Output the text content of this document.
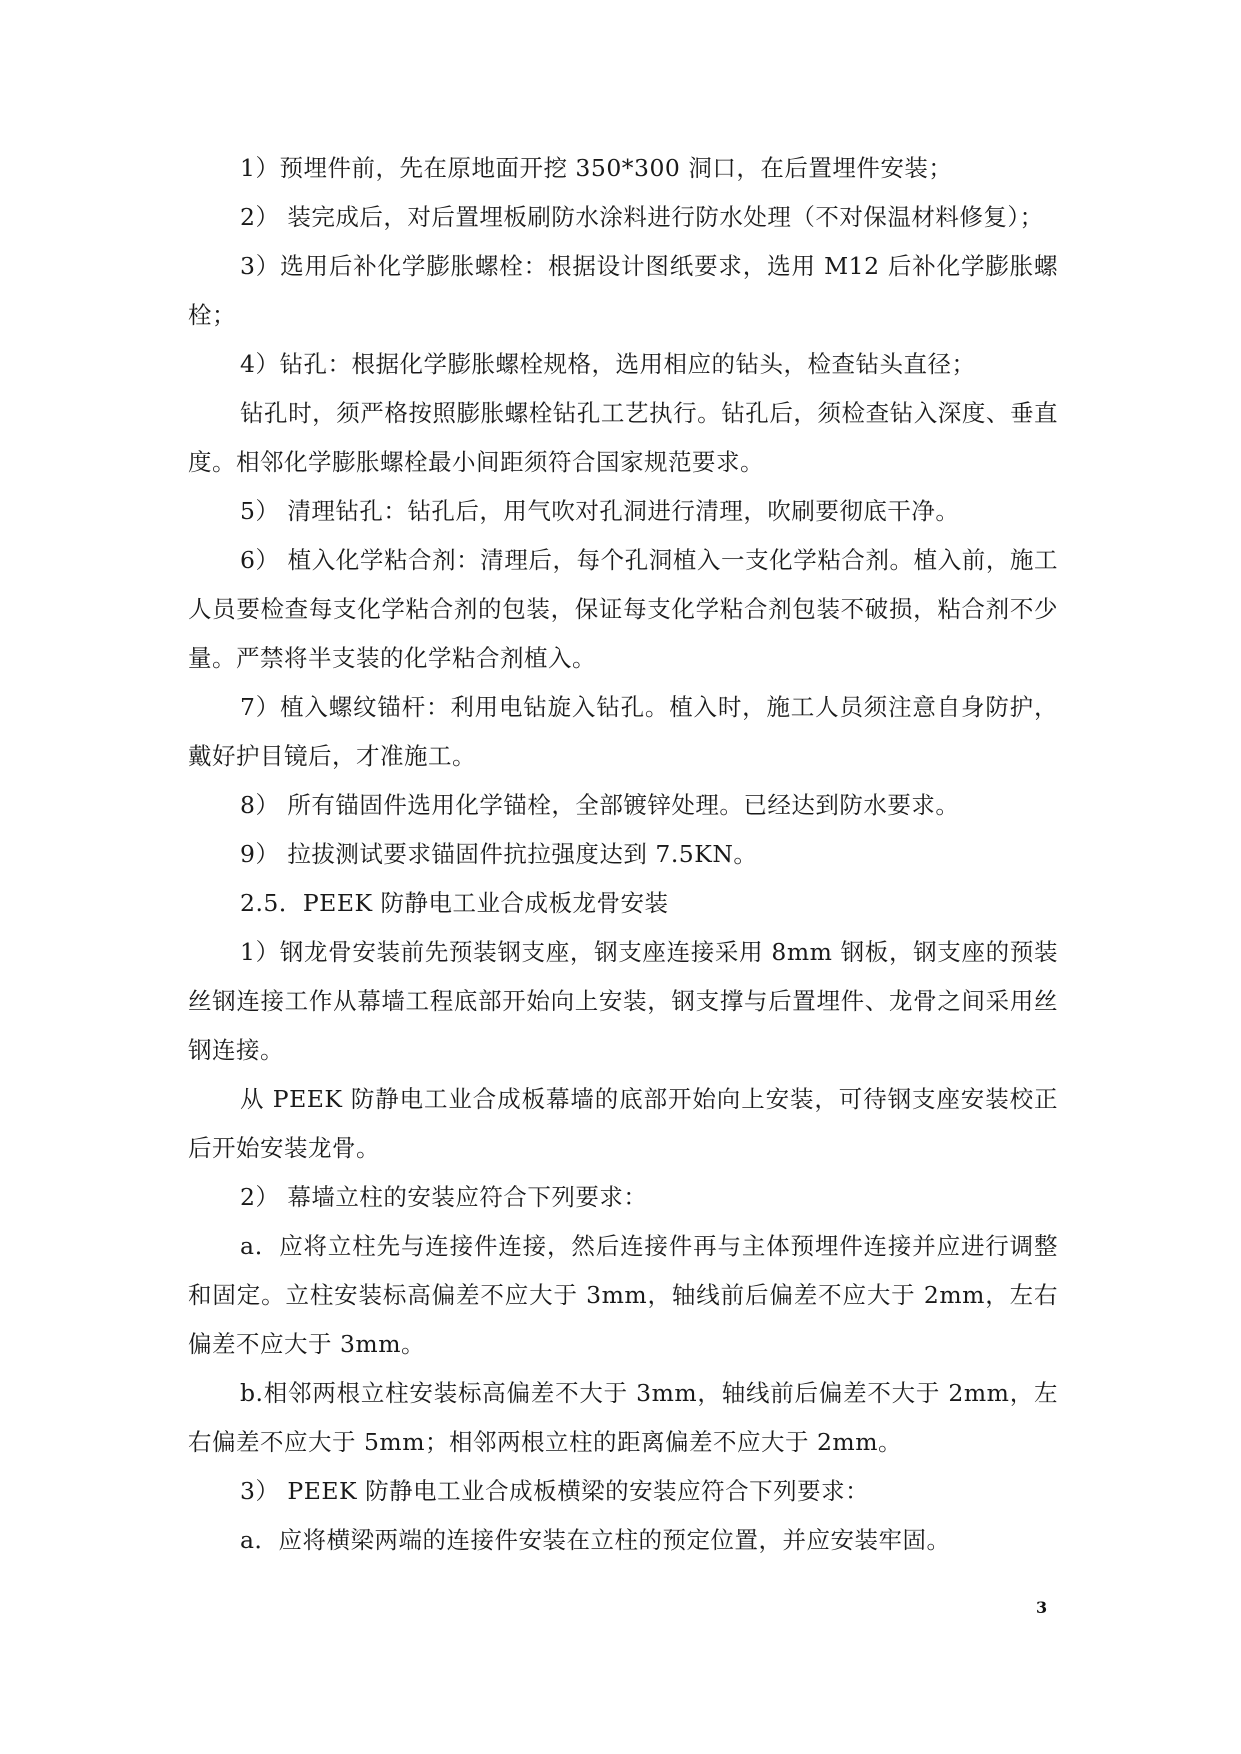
1）预埋件前，先在原地面开挖 350*300 洞口，在后置埋件安装；

2） 装完成后，对后置埋板刷防水涂料进行防水处理（不对保温材料修复）；

3）选用后补化学膨胀螺栓：根据设计图纸要求，选用 M12 后补化学膨胀螺栓；

4）钻孔：根据化学膨胀螺栓规格，选用相应的钻头，检查钻头直径；

钻孔时，须严格按照膨胀螺栓钻孔工艺执行。钻孔后，须检查钻入深度、垂直度。相邻化学膨胀螺栓最小间距须符合国家规范要求。

5） 清理钻孔：钻孔后，用气吹对孔洞进行清理，吹刷要彻底干净。

6） 植入化学粘合剂：清理后，每个孔洞植入一支化学粘合剂。植入前，施工人员要检查每支化学粘合剂的包装，保证每支化学粘合剂包装不破损，粘合剂不少量。严禁将半支装的化学粘合剂植入。

7）植入螺纹锚杆：利用电钻旋入钻孔。植入时，施工人员须注意自身防护，戴好护目镜后，才准施工。

8） 所有锚固件选用化学锚栓，全部镀锌处理。已经达到防水要求。

9） 拉拔测试要求锚固件抗拉强度达到 7.5KN。

2.5．PEEK 防静电工业合成板龙骨安装

1）钢龙骨安装前先预装钢支座，钢支座连接采用 8mm 钢板，钢支座的预装丝钢连接工作从幕墙工程底部开始向上安装，钢支撑与后置埋件、龙骨之间采用丝钢连接。

从 PEEK 防静电工业合成板幕墙的底部开始向上安装，可待钢支座安装校正后开始安装龙骨。

2） 幕墙立柱的安装应符合下列要求：

a．应将立柱先与连接件连接，然后连接件再与主体预埋件连接并应进行调整和固定。立柱安装标高偏差不应大于 3mm，轴线前后偏差不应大于 2mm，左右偏差不应大于 3mm。

b.相邻两根立柱安装标高偏差不大于 3mm，轴线前后偏差不大于 2mm，左右偏差不应大于 5mm；相邻两根立柱的距离偏差不应大于 2mm。

3） PEEK 防静电工业合成板横梁的安装应符合下列要求：

a．应将横梁两端的连接件安装在立柱的预定位置，并应安装牢固。

3
